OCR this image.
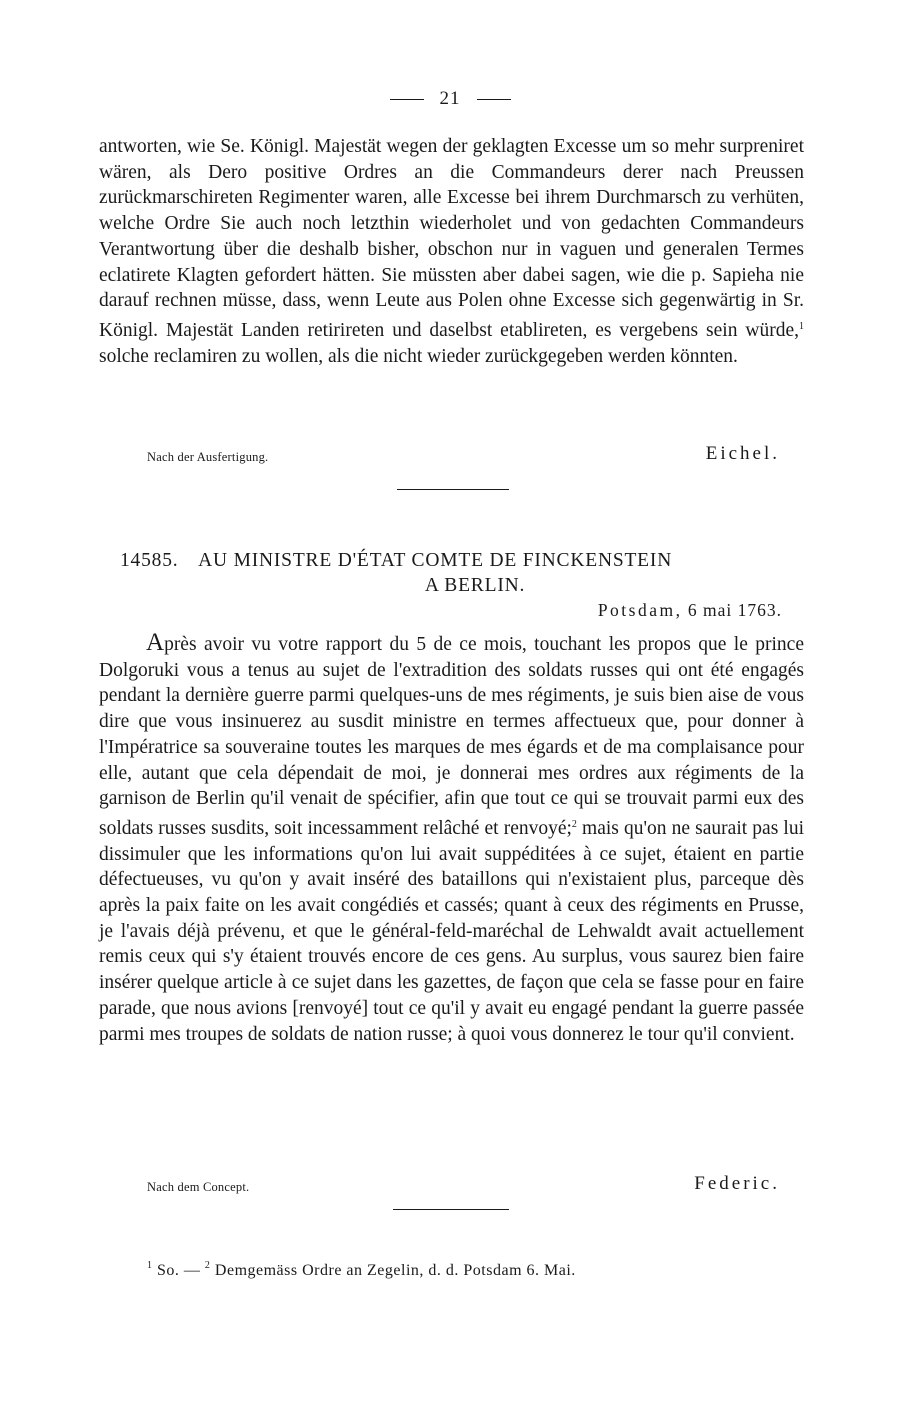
21
antworten, wie Se. Königl. Majestät wegen der geklagten Excesse um so mehr surpreniret wären, als Dero positive Ordres an die Commandeurs derer nach Preussen zurückmarschireten Regimenter waren, alle Excesse bei ihrem Durchmarsch zu verhüten, welche Ordre Sie auch noch letzthin wiederholet und von gedachten Commandeurs Verantwortung über die deshalb bisher, obschon nur in vaguen und generalen Termes eclatirete Klagten gefordert hätten. Sie müssten aber dabei sagen, wie die p. Sapieha nie darauf rechnen müsse, dass, wenn Leute aus Polen ohne Excesse sich gegenwärtig in Sr. Königl. Majestät Landen retirireten und daselbst etablireten, es vergebens sein würde,$^1$ solche reclamiren zu wollen, als die nicht wieder zurückgegeben werden könnten.
Nach der Ausfertigung.	Eichel.
14585. AU MINISTRE D'ÉTAT COMTE DE FINCKENSTEIN
A BERLIN.
Potsdam, 6 mai 1763.
Après avoir vu votre rapport du 5 de ce mois, touchant les propos que le prince Dolgoruki vous a tenus au sujet de l'extradition des soldats russes qui ont été engagés pendant la dernière guerre parmi quelques-uns de mes régiments, je suis bien aise de vous dire que vous insinuerez au susdit ministre en termes affectueux que, pour donner à l'Impératrice sa souveraine toutes les marques de mes égards et de ma complaisance pour elle, autant que cela dépendait de moi, je donnerai mes ordres aux régiments de la garnison de Berlin qu'il venait de spécifier, afin que tout ce qui se trouvait parmi eux des soldats russes susdits, soit incessamment relâché et renvoyé;$^2$ mais qu'on ne saurait pas lui dissimuler que les informations qu'on lui avait suppéditées à ce sujet, étaient en partie défectueuses, vu qu'on y avait inséré des bataillons qui n'existaient plus, parceque dès après la paix faite on les avait congédiés et cassés; quant à ceux des régiments en Prusse, je l'avais déjà prévenu, et que le général-feld-maréchal de Lehwaldt avait actuellement remis ceux qui s'y étaient trouvés encore de ces gens. Au surplus, vous saurez bien faire insérer quelque article à ce sujet dans les gazettes, de façon que cela se fasse pour en faire parade, que nous avions [renvoyé] tout ce qu'il y avait eu engagé pendant la guerre passée parmi mes troupes de soldats de nation russe; à quoi vous donnerez le tour qu'il convient.
Nach dem Concept.	Federic.
$^1$ So. — $^2$ Demgemäss Ordre an Zegelin, d. d. Potsdam 6. Mai.
